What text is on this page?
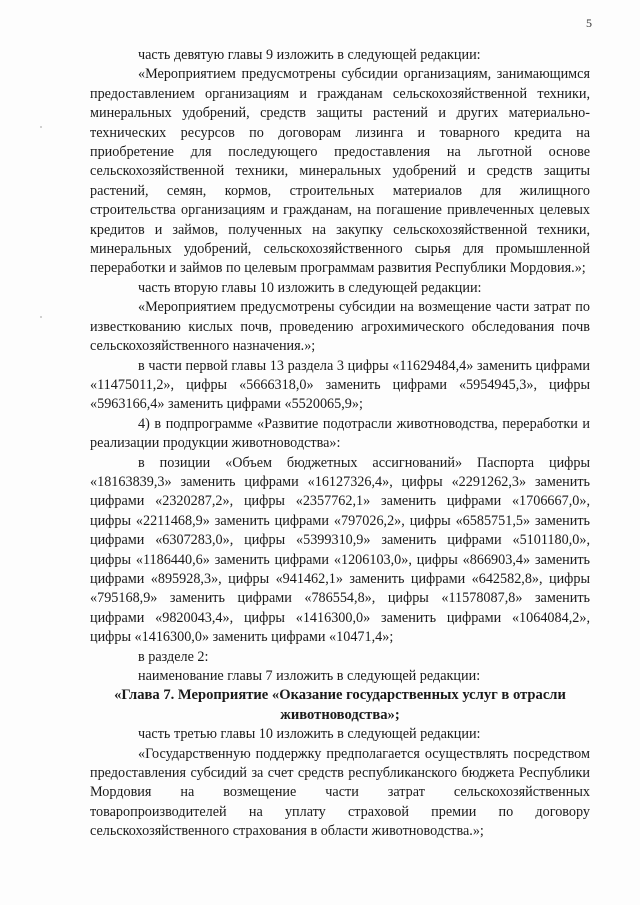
5

часть девятую главы 9 изложить в следующей редакции:

«Мероприятием предусмотрены субсидии организациям, занимающимся предоставлением организациям и гражданам сельскохозяйственной техники, минеральных удобрений, средств защиты растений и других материально-технических ресурсов по договорам лизинга и товарного кредита на приобретение для последующего предоставления на льготной основе сельскохозяйственной техники, минеральных удобрений и средств защиты растений, семян, кормов, строительных материалов для жилищного строительства организациям и гражданам, на погашение привлеченных целевых кредитов и займов, полученных на закупку сельскохозяйственной техники, минеральных удобрений, сельскохозяйственного сырья для промышленной переработки и займов по целевым программам развития Республики Мордовия.»;

часть вторую главы 10 изложить в следующей редакции:

«Мероприятием предусмотрены субсидии на возмещение части затрат по известкованию кислых почв, проведению агрохимического обследования почв сельскохозяйственного назначения.»;

в части первой главы 13 раздела 3 цифры «11629484,4» заменить цифрами «11475011,2», цифры «5666318,0» заменить цифрами «5954945,3», цифры «5963166,4» заменить цифрами «5520065,9»;

4) в подпрограмме «Развитие подотрасли животноводства, переработки и реализации продукции животноводства»:

в позиции «Объем бюджетных ассигнований» Паспорта цифры «18163839,3» заменить цифрами «16127326,4», цифры «2291262,3» заменить цифрами «2320287,2», цифры «2357762,1» заменить цифрами «1706667,0», цифры «2211468,9» заменить цифрами «797026,2», цифры «6585751,5» заменить цифрами «6307283,0», цифры «5399310,9» заменить цифрами «5101180,0», цифры «1186440,6» заменить цифрами «1206103,0», цифры «866903,4» заменить цифрами «895928,3», цифры «941462,1» заменить цифрами «642582,8», цифры «795168,9» заменить цифрами «786554,8», цифры «11578087,8» заменить цифрами «9820043,4», цифры «1416300,0» заменить цифрами «1064084,2», цифры «1416300,0» заменить цифрами «10471,4»;

в разделе 2:

наименование главы 7 изложить в следующей редакции:

«Глава 7. Мероприятие «Оказание государственных услуг в отрасли животноводства»;

часть третью главы 10 изложить в следующей редакции:

«Государственную поддержку предполагается осуществлять посредством предоставления субсидий за счет средств республиканского бюджета Республики Мордовия на возмещение части затрат сельскохозяйственных товаропроизводителей на уплату страховой премии по договору сельскохозяйственного страхования в области животноводства.»;
